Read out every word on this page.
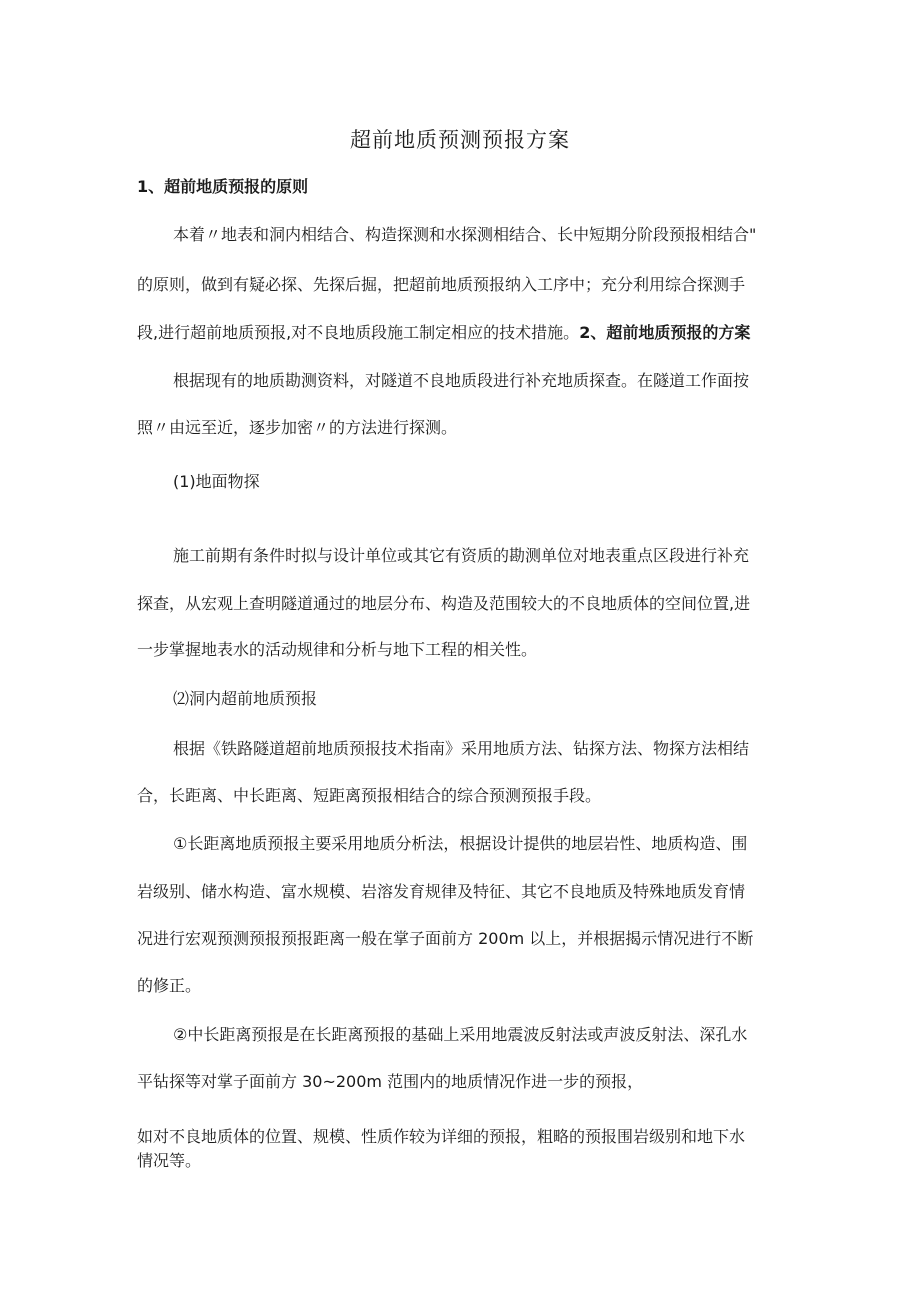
超前地质预测预报方案
1、超前地质预报的原则
本着〃地表和洞内相结合、构造探测和水探测相结合、长中短期分阶段预报相结合"
的原则，做到有疑必探、先探后掘，把超前地质预报纳入工序中；充分利用综合探测手
段,进行超前地质预报,对不良地质段施工制定相应的技术措施。2、超前地质预报的方案
根据现有的地质勘测资料，对隧道不良地质段进行补充地质探查。在隧道工作面按
照〃由远至近，逐步加密〃的方法进行探测。
(1)地面物探
施工前期有条件时拟与设计单位或其它有资质的勘测单位对地表重点区段进行补充
探查，从宏观上查明隧道通过的地层分布、构造及范围较大的不良地质体的空间位置,进
一步掌握地表水的活动规律和分析与地下工程的相关性。
⑵洞内超前地质预报
根据《铁路隧道超前地质预报技术指南》采用地质方法、钻探方法、物探方法相结
合，长距离、中长距离、短距离预报相结合的综合预测预报手段。
①长距离地质预报主要采用地质分析法，根据设计提供的地层岩性、地质构造、围
岩级别、储水构造、富水规模、岩溶发育规律及特征、其它不良地质及特殊地质发育情
况进行宏观预测预报预报距离一般在掌子面前方 200m 以上，并根据揭示情况进行不断
的修正。
②中长距离预报是在长距离预报的基础上采用地震波反射法或声波反射法、深孔水
平钻探等对掌子面前方 30~200m 范围内的地质情况作进一步的预报，
如对不良地质体的位置、规模、性质作较为详细的预报，粗略的预报围岩级别和地下水
情况等。
